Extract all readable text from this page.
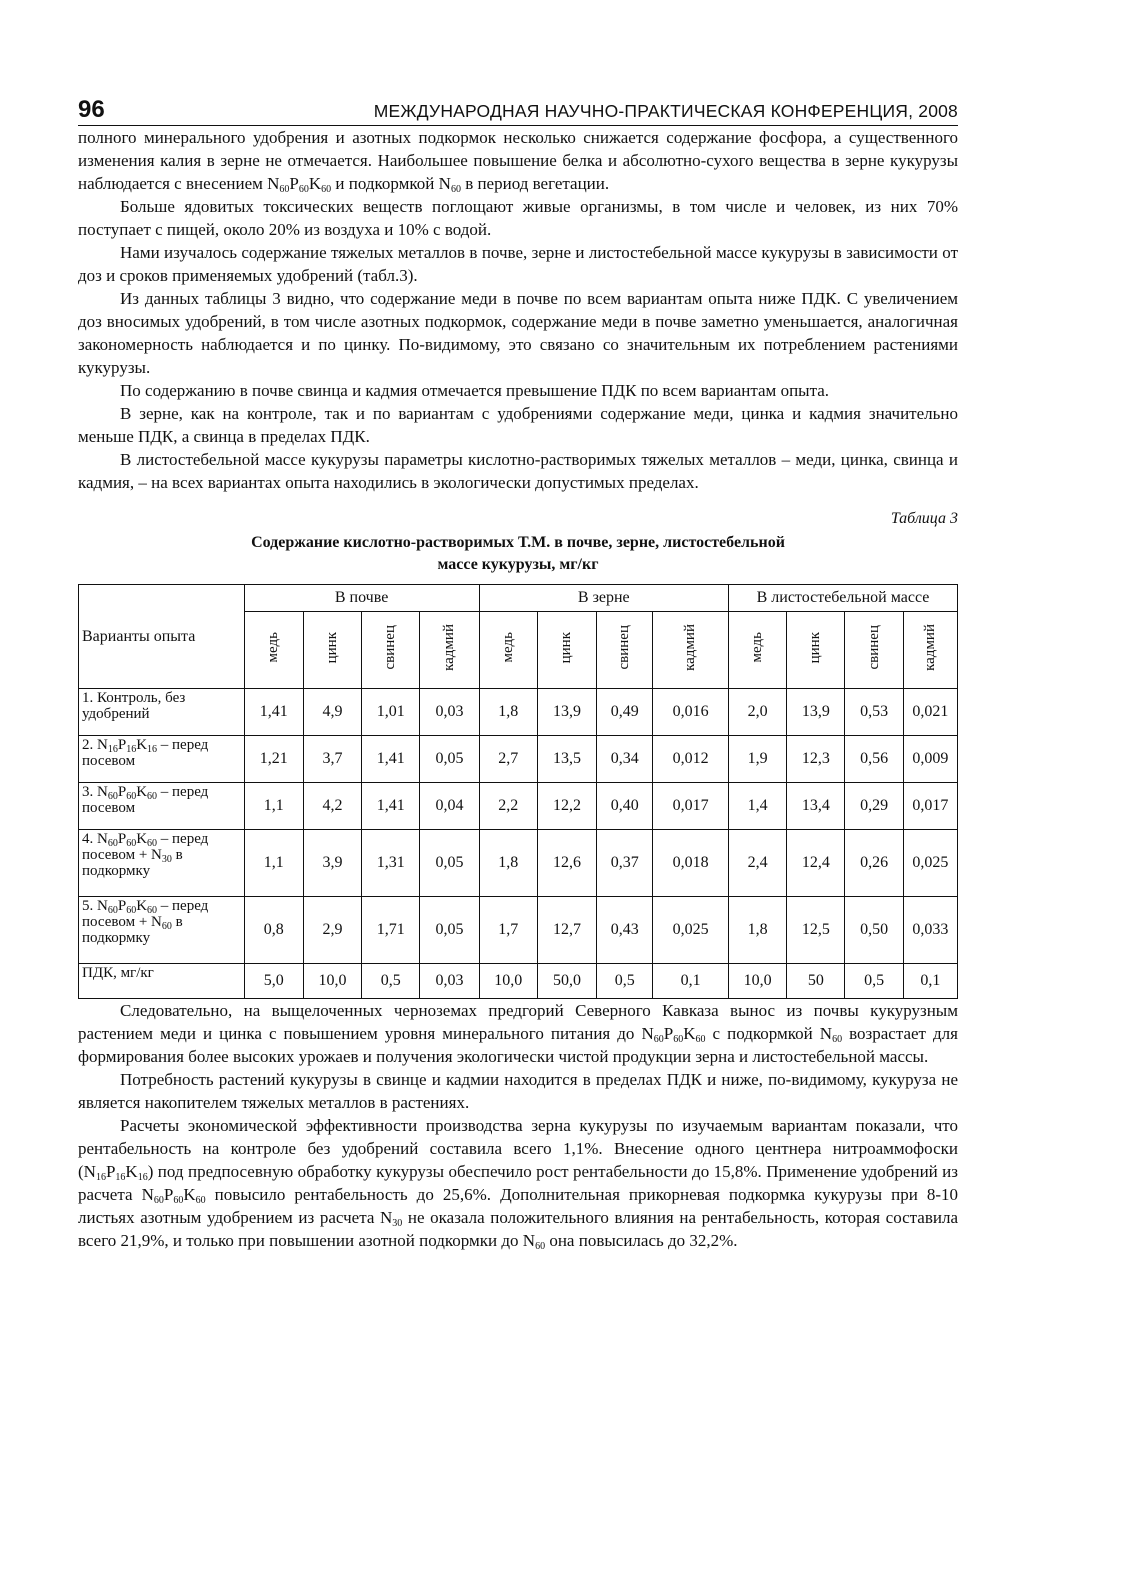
96	МЕЖДУНАРОДНАЯ НАУЧНО-ПРАКТИЧЕСКАЯ КОНФЕРЕНЦИЯ, 2008

полного минерального удобрения и азотных подкормок несколько снижается содержание фосфора, а существенного изменения калия в зерне не отмечается. Наибольшее повышение белка и абсолютно-сухого вещества в зерне кукурузы наблюдается с внесением $N_{60}P_{60}K_{60}$ и подкормкой $N_{60}$ в период вегетации.

Больше ядовитых токсических веществ поглощают живые организмы, в том числе и человек, из них 70% поступает с пищей, около 20% из воздуха и 10% с водой.

Нами изучалось содержание тяжелых металлов в почве, зерне и листостебельной массе кукурузы в зависимости от доз и сроков применяемых удобрений (табл.3).

Из данных таблицы 3 видно, что содержание меди в почве по всем вариантам опыта ниже ПДК. С увеличением доз вносимых удобрений, в том числе азотных подкормок, содержание меди в почве заметно уменьшается, аналогичная закономерность наблюдается и по цинку. По-видимому, это связано со значительным их потреблением растениями кукурузы.

По содержанию в почве свинца и кадмия отмечается превышение ПДК по всем вариантам опыта.

В зерне, как на контроле, так и по вариантам с удобрениями содержание меди, цинка и кадмия значительно меньше ПДК, а свинца в пределах ПДК.

В листостебельной массе кукурузы параметры кислотно-растворимых тяжелых металлов – меди, цинка, свинца и кадмия, – на всех вариантах опыта находились в экологически допустимых пределах.

Таблица 3
Содержание кислотно-растворимых Т.М. в почве, зерне, листостебельной
массе кукурузы, мг/кг
Варианты опыта	В почве				В зерне				В листостебельной массе			
	медь	цинк	свинец	кадмий	медь	цинк	свинец	кадмий	медь	цинк	свинец	кадмий
1. Контроль, без удобрений	1,41	4,9	1,01	0,03	1,8	13,9	0,49	0,016	2,0	13,9	0,53	0,021
2. $N_{16}P_{16}K_{16}$ – перед посевом	1,21	3,7	1,41	0,05	2,7	13,5	0,34	0,012	1,9	12,3	0,56	0,009
3. $N_{60}P_{60}K_{60}$ – перед посевом	1,1	4,2	1,41	0,04	2,2	12,2	0,40	0,017	1,4	13,4	0,29	0,017
4. $N_{60}P_{60}K_{60}$ – перед посевом + $N_{30}$ в подкормку	1,1	3,9	1,31	0,05	1,8	12,6	0,37	0,018	2,4	12,4	0,26	0,025
5. $N_{60}P_{60}K_{60}$ – перед посевом + $N_{60}$ в подкормку	0,8	2,9	1,71	0,05	1,7	12,7	0,43	0,025	1,8	12,5	0,50	0,033
ПДК, мг/кг	5,0	10,0	0,5	0,03	10,0	50,0	0,5	0,1	10,0	50	0,5	0,1

Следовательно, на выщелоченных черноземах предгорий Северного Кавказа вынос из почвы кукурузным растением меди и цинка с повышением уровня минерального питания до $N_{60}P_{60}K_{60}$ с подкормкой $N_{60}$ возрастает для формирования более высоких урожаев и получения экологически чистой продукции зерна и листостебельной массы.

Потребность растений кукурузы в свинце и кадмии находится в пределах ПДК и ниже, по-видимому, кукуруза не является накопителем тяжелых металлов в растениях.

Расчеты экономической эффективности производства зерна кукурузы по изучаемым вариантам показали, что рентабельность на контроле без удобрений составила всего 1,1%. Внесение одного центнера нитроаммофоски $(N_{16}P_{16}K_{16})$ под предпосевную обработку кукурузы обеспечило рост рентабельности до 15,8%. Применение удобрений из расчета $N_{60}P_{60}K_{60}$ повысило рентабельность до 25,6%. Дополнительная прикорневая подкормка кукурузы при 8-10 листьях азотным удобрением из расчета $N_{30}$ не оказала положительного влияния на рентабельность, которая составила всего 21,9%, и только при повышении азотной подкормки до $N_{60}$ она повысилась до 32,2%.
